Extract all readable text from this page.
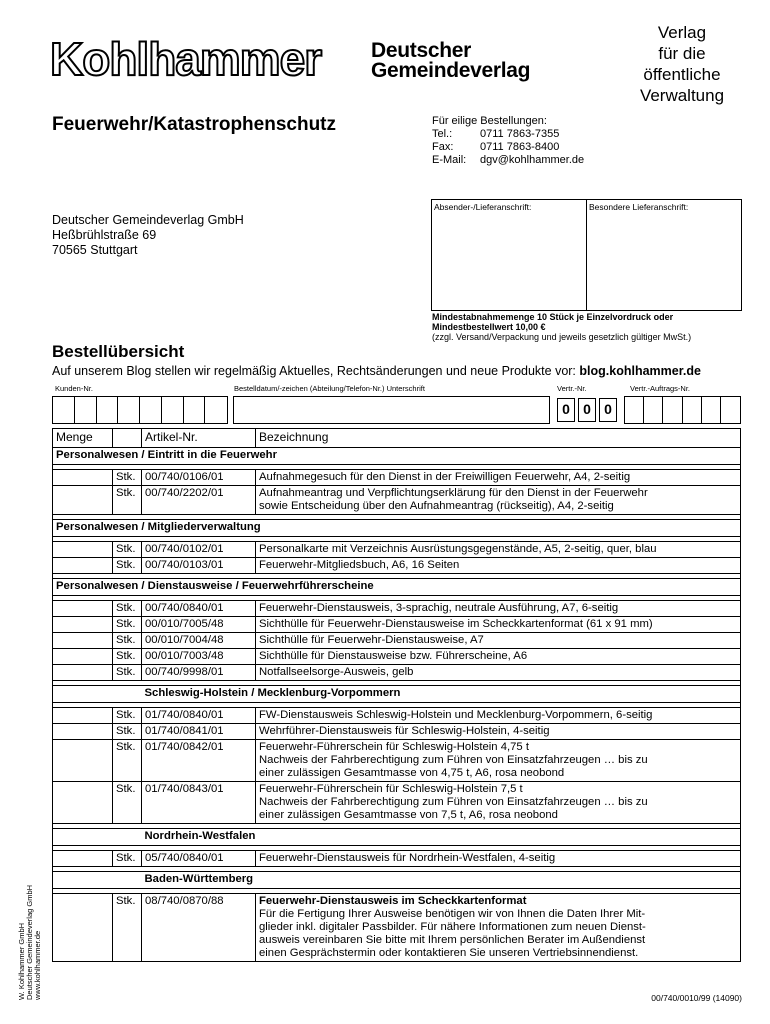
Kohlhammer Deutscher
Gemeindeverlag
Verlag
für die
öffentliche
Verwaltung
Feuerwehr/Katastrophenschutz	Für eilige Bestellungen:
Tel.:	0711 7863-7355
Fax: 0711 7863-8400
E-Mail: dgv@kohlhammer.de
Deutscher Gemeindeverlag GmbH
Heßbrühlstraße 69
70565 Stuttgart
Absender-/Lieferanschrift:	Besondere Lieferanschrift:
Mindestabnahmemenge 10 Stück je Einzelvordruck oder
Mindestbestellwert 10,00 €
(zzgl. Versand/Verpackung und jeweils gesetzlich gültiger MwSt.)
Bestellübersicht
Auf unserem Blog stellen wir regelmäßig Aktuelles, Rechtsänderungen und neue Produkte vor: blog.kohlhammer.de
Kunden-Nr.	Bestelldatum/-zeichen (Abteilung/Telefon-Nr.) Unterschrift	Vertr.-Nr.	Vertr.-Auftrags-Nr.
0 0 0
Menge		Artikel-Nr.	Bezeichnung
Personalwesen / Eintritt in die Feuerwehr			

	Stk.	00/740/0106/01	Aufnahmegesuch für den Dienst in der Freiwilligen Feuerwehr, A4, 2-seitig

	Stk.	00/740/2202/01	Aufnahmeantrag und Verpflichtungserklärung für den Dienst in der Feuerwehr
sowie Entscheidung über den Aufnahmeantrag (rückseitig), A4, 2-seitig

Personalwesen / Mitgliederverwaltung			

	Stk.	00/740/0102/01	Personalkarte mit Verzeichnis Ausrüstungsgegenstände, A5, 2-seitig, quer, blau

	Stk.	00/740/0103/01	Feuerwehr-Mitgliedsbuch, A6, 16 Seiten

Personalwesen / Dienstausweise / Feuerwehrführerscheine			

	Stk.	00/740/0840/01	Feuerwehr-Dienstausweis, 3-sprachig, neutrale Ausführung, A7, 6-seitig

	Stk.	00/010/7005/48	Sichthülle für Feuerwehr-Dienstausweise im Scheckkartenformat (61 x 91 mm)

	Stk.	00/010/7004/48	Sichthülle für Feuerwehr-Dienstausweise, A7

	Stk.	00/010/7003/48	Sichthülle für Dienstausweise bzw. Führerscheine, A6

	Stk.	00/740/9998/01	Notfallseelsorge-Ausweis, gelb

		Schleswig-Holstein / Mecklenburg-Vorpommern	

	Stk.	01/740/0840/01	FW-Dienstausweis Schleswig-Holstein und Mecklenburg-Vorpommern, 6-seitig

	Stk.	01/740/0841/01	Wehrführer-Dienstausweis für Schleswig-Holstein, 4-seitig

	Stk.	01/740/0842/01	Feuerwehr-Führerschein für Schleswig-Holstein 4,75 t
Nachweis der Fahrberechtigung zum Führen von Einsatzfahrzeugen … bis zu
einer zulässigen Gesamtmasse von 4,75 t, A6, rosa neobond

	Stk.	01/740/0843/01	Feuerwehr-Führerschein für Schleswig-Holstein 7,5 t
Nachweis der Fahrberechtigung zum Führen von Einsatzfahrzeugen … bis zu
einer zulässigen Gesamtmasse von 7,5 t, A6, rosa neobond

		Nordrhein-Westfalen	

	Stk.	05/740/0840/01	Feuerwehr-Dienstausweis für Nordrhein-Westfalen, 4-seitig

		Baden-Württemberg	

	Stk.	08/740/0870/88	Feuerwehr-Dienstausweis im Scheckkartenformat
Für die Fertigung Ihrer Ausweise benötigen wir von Ihnen die Daten Ihrer Mit-
glieder inkl. digitaler Passbilder. Für nähere Informationen zum neuen Dienst-
ausweis vereinbaren Sie bitte mit Ihrem persönlichen Berater im Außendienst
einen Gesprächstermin oder kontaktieren Sie unseren Vertriebsinnendienst.
00/740/0010/99 (14090)
W. Kohlhammer GmbH Deutscher Gemeindeverlag GmbH www.kohlhammer.de
